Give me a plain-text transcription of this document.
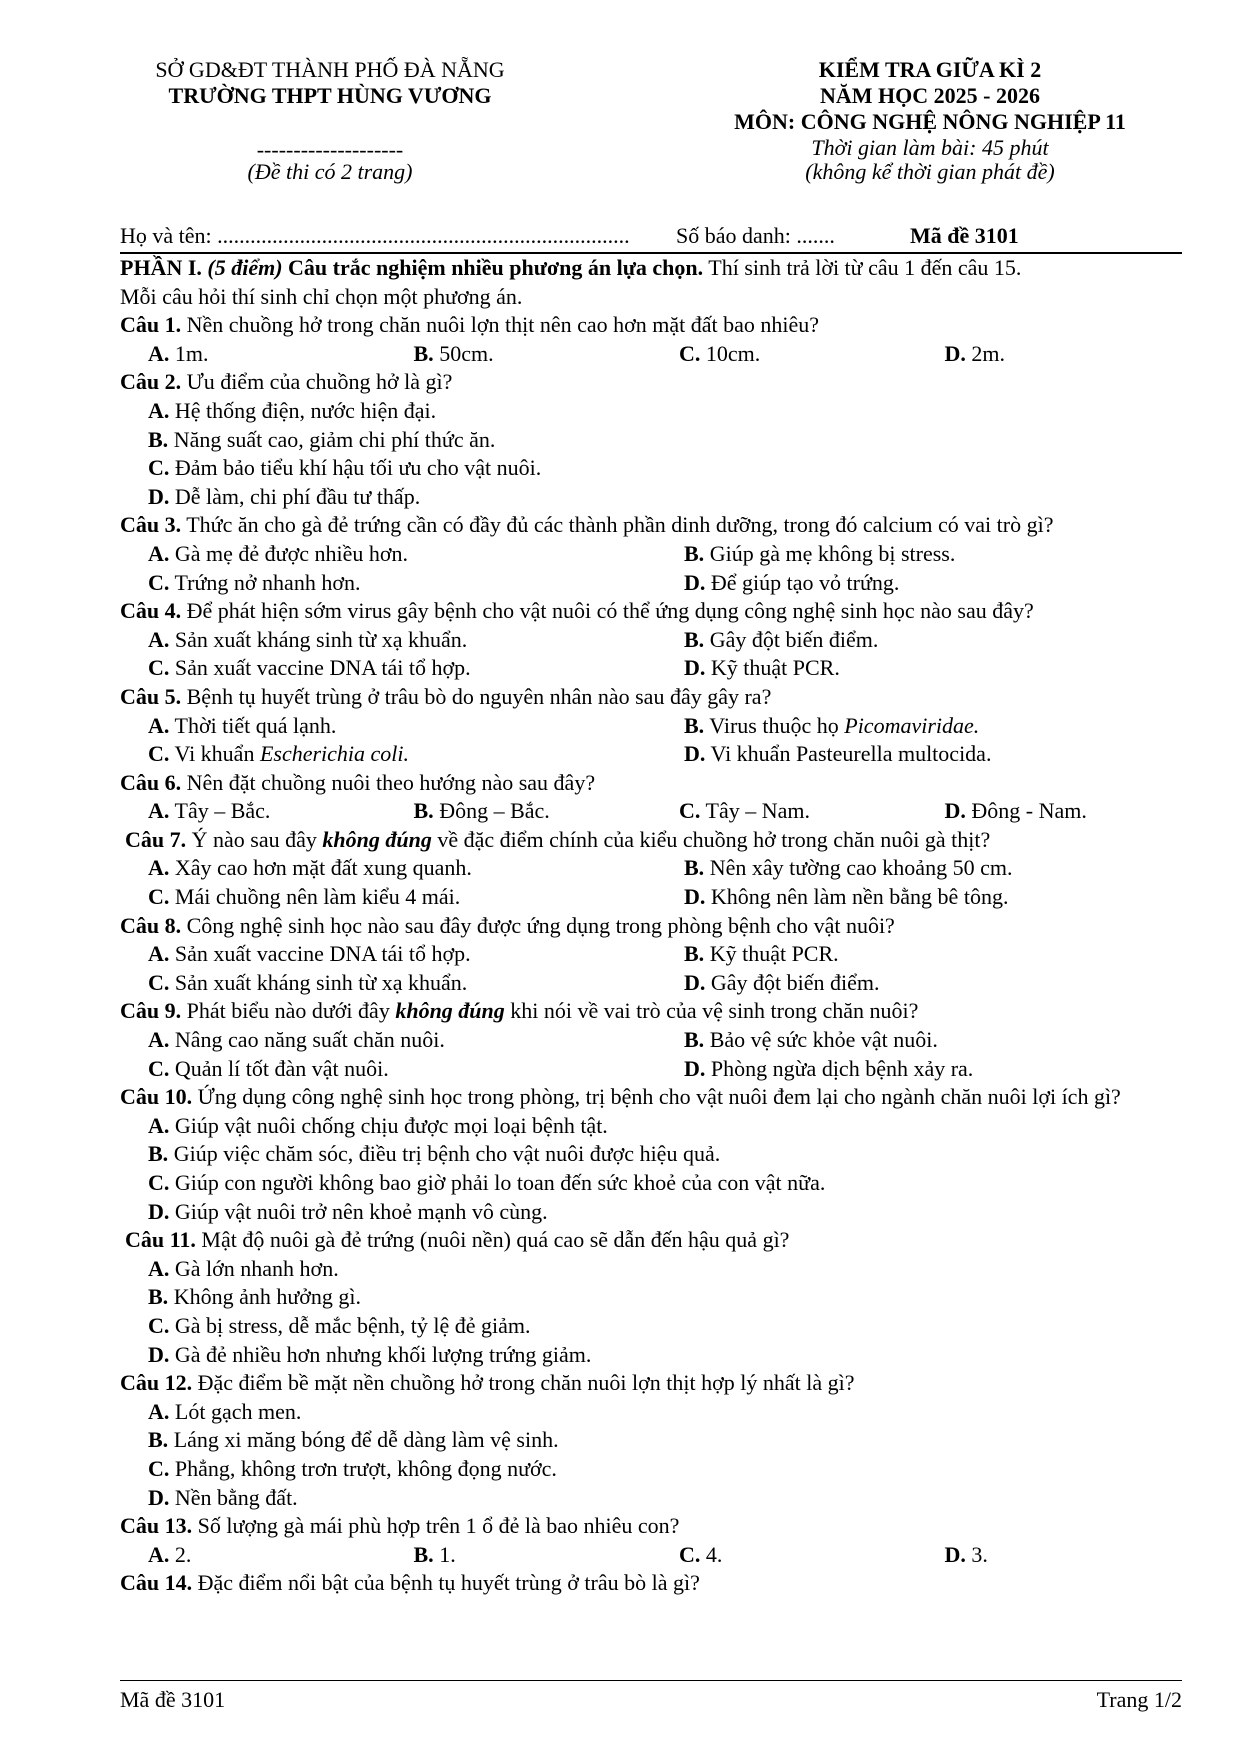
SỞ GD&ĐT THÀNH PHỐ ĐÀ NẴNG
TRƯỜNG THPT HÙNG VƯƠNG
--------------------
(Đề thi có 2 trang)
KIỂM TRA GIỮA KÌ 2
NĂM HỌC 2025 - 2026
MÔN: CÔNG NGHỆ NÔNG NGHIỆP 11
Thời gian làm bài: 45 phút
(không kể thời gian phát đề)
Họ và tên: ........................................................................... Số báo danh: .......	Mã đề 3101
PHẦN I. (5 điểm) Câu trắc nghiệm nhiều phương án lựa chọn. Thí sinh trả lời từ câu 1 đến câu 15.
Mỗi câu hỏi thí sinh chỉ chọn một phương án.
Câu 1. Nền chuồng hở trong chăn nuôi lợn thịt nên cao hơn mặt đất bao nhiêu?
A. 1m.	B. 50cm.	C. 10cm.	D. 2m.
Câu 2. Ưu điểm của chuồng hở là gì?
A. Hệ thống điện, nước hiện đại.
B. Năng suất cao, giảm chi phí thức ăn.
C. Đảm bảo tiểu khí hậu tối ưu cho vật nuôi.
D. Dễ làm, chi phí đầu tư thấp.
Câu 3. Thức ăn cho gà đẻ trứng cần có đầy đủ các thành phần dinh dưỡng, trong đó calcium có vai trò gì?
A. Gà mẹ đẻ được nhiều hơn.	B. Giúp gà mẹ không bị stress.
C. Trứng nở nhanh hơn.	D. Để giúp tạo vỏ trứng.
Câu 4. Để phát hiện sớm virus gây bệnh cho vật nuôi có thể ứng dụng công nghệ sinh học nào sau đây?
A. Sản xuất kháng sinh từ xạ khuẩn.	B. Gây đột biến điểm.
C. Sản xuất vaccine DNA tái tổ hợp.	D. Kỹ thuật PCR.
Câu 5. Bệnh tụ huyết trùng ở trâu bò do nguyên nhân nào sau đây gây ra?
A. Thời tiết quá lạnh.	B. Virus thuộc họ Picomaviridae.
C. Vi khuẩn Escherichia coli.	D. Vi khuẩn Pasteurella multocida.
Câu 6. Nên đặt chuồng nuôi theo hướng nào sau đây?
A. Tây – Bắc.	B. Đông – Bắc.	C. Tây – Nam.	D. Đông - Nam.
Câu 7. Ý nào sau đây không đúng về đặc điểm chính của kiểu chuồng hở trong chăn nuôi gà thịt?
A. Xây cao hơn mặt đất xung quanh.	B. Nên xây tường cao khoảng 50 cm.
C. Mái chuồng nên làm kiểu 4 mái.	D. Không nên làm nền bằng bê tông.
Câu 8. Công nghệ sinh học nào sau đây được ứng dụng trong phòng bệnh cho vật nuôi?
A. Sản xuất vaccine DNA tái tổ hợp.	B. Kỹ thuật PCR.
C. Sản xuất kháng sinh từ xạ khuẩn.	D. Gây đột biến điểm.
Câu 9. Phát biểu nào dưới đây không đúng khi nói về vai trò của vệ sinh trong chăn nuôi?
A. Nâng cao năng suất chăn nuôi.	B. Bảo vệ sức khỏe vật nuôi.
C. Quản lí tốt đàn vật nuôi.	D. Phòng ngừa dịch bệnh xảy ra.
Câu 10. Ứng dụng công nghệ sinh học trong phòng, trị bệnh cho vật nuôi đem lại cho ngành chăn nuôi lợi ích gì?
A. Giúp vật nuôi chống chịu được mọi loại bệnh tật.
B. Giúp việc chăm sóc, điều trị bệnh cho vật nuôi được hiệu quả.
C. Giúp con người không bao giờ phải lo toan đến sức khoẻ của con vật nữa.
D. Giúp vật nuôi trở nên khoẻ mạnh vô cùng.
Câu 11. Mật độ nuôi gà đẻ trứng (nuôi nền) quá cao sẽ dẫn đến hậu quả gì?
A. Gà lớn nhanh hơn.
B. Không ảnh hưởng gì.
C. Gà bị stress, dễ mắc bệnh, tỷ lệ đẻ giảm.
D. Gà đẻ nhiều hơn nhưng khối lượng trứng giảm.
Câu 12. Đặc điểm bề mặt nền chuồng hở trong chăn nuôi lợn thịt hợp lý nhất là gì?
A. Lót gạch men.
B. Láng xi măng bóng để dễ dàng làm vệ sinh.
C. Phẳng, không trơn trượt, không đọng nước.
D. Nền bằng đất.
Câu 13. Số lượng gà mái phù hợp trên 1 ổ đẻ là bao nhiêu con?
A. 2.	B. 1.	C. 4.	D. 3.
Câu 14. Đặc điểm nổi bật của bệnh tụ huyết trùng ở trâu bò là gì?
Mã đề 3101	Trang 1/2
